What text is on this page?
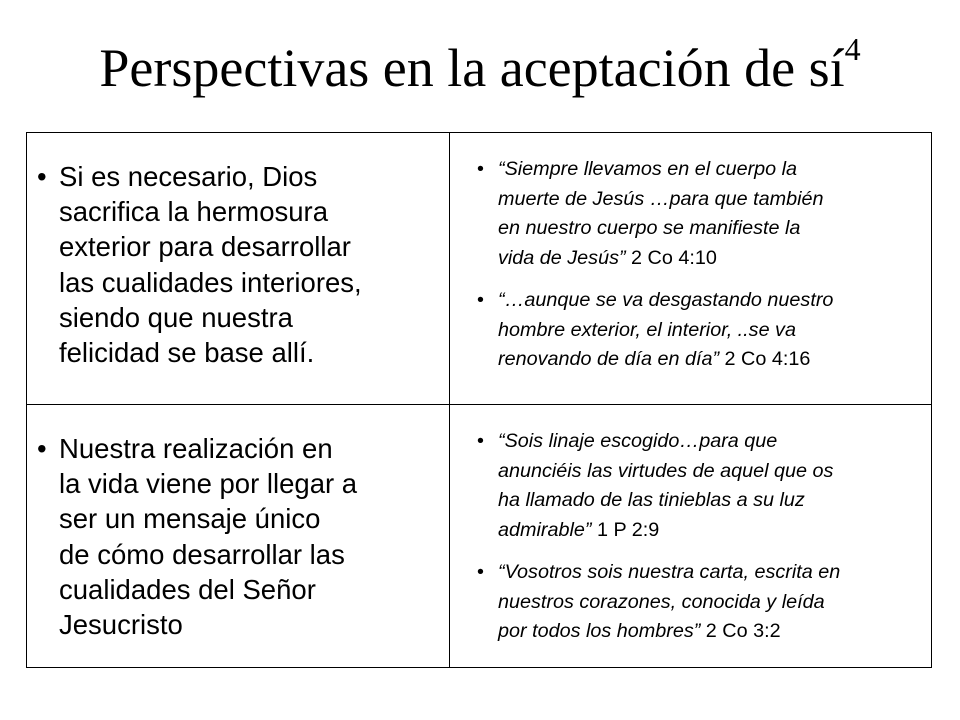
Perspectivas en la aceptación de $sí^4$
• Si es necesario, Dios
sacrifica la hermosura
exterior para desarrollar
las cualidades interiores,
siendo que nuestra
felicidad se base allí.
• “Siempre llevamos en el cuerpo la
muerte de Jesús …para que también
en nuestro cuerpo se manifieste la
vida de Jesús” 2 Co 4:10
• “…aunque se va desgastando nuestro
hombre exterior, el interior, ..se va
renovando de día en día” 2 Co 4:16
• Nuestra realización en
la vida viene por llegar a
ser un mensaje único
de cómo desarrollar las
cualidades del Señor
Jesucristo
• “Sois linaje escogido…para que
anunciéis las virtudes de aquel que os
ha llamado de las tinieblas a su luz
admirable” 1 P 2:9
• “Vosotros sois nuestra carta, escrita en
nuestros corazones, conocida y leída
por todos los hombres” 2 Co 3:2
